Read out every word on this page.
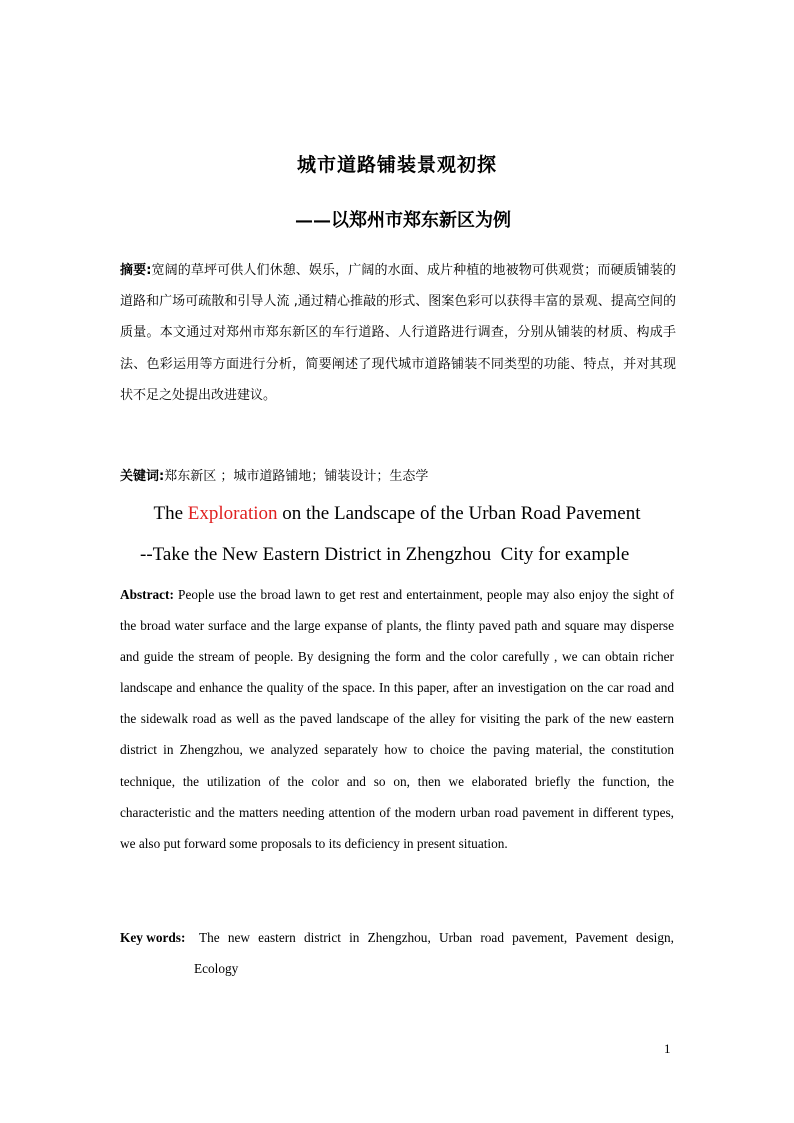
城市道路铺装景观初探
——以郑州市郑东新区为例
摘要:宽阔的草坪可供人们休憩、娱乐，广阔的水面、成片种植的地被物可供观赏；而硬质铺装的道路和广场可疏散和引导人流 ,通过精心推敲的形式、图案色彩可以获得丰富的景观、提高空间的质量。本文通过对郑州市郑东新区的车行道路、人行道路进行调查，分别从铺装的材质、构成手法、色彩运用等方面进行分析，简要阐述了现代城市道路铺装不同类型的功能、特点，并对其现状不足之处提出改进建议。
关键词:郑东新区 ；城市道路铺地；铺装设计；生态学
The Exploration on the Landscape of the Urban Road Pavement
--Take the New Eastern District in Zhengzhou  City for example
Abstract: People use the broad lawn to get rest and entertainment, people may also enjoy the sight of the broad water surface and the large expanse of plants, the flinty paved path and square may disperse and guide the stream of people. By designing the form and the color carefully , we can obtain richer landscape and enhance the quality of the space. In this paper, after an investigation on the car road and the sidewalk road as well as the paved landscape of the alley for visiting the park of the new eastern district in Zhengzhou, we analyzed separately how to choice the paving material, the constitution technique, the utilization of the color and so on, then we elaborated briefly the function, the characteristic and the matters needing attention of the modern urban road pavement in different types, we also put forward some proposals to its deficiency in present situation.
Key words:	The new eastern district in Zhengzhou, Urban road pavement, Pavement design,
Ecology
1
